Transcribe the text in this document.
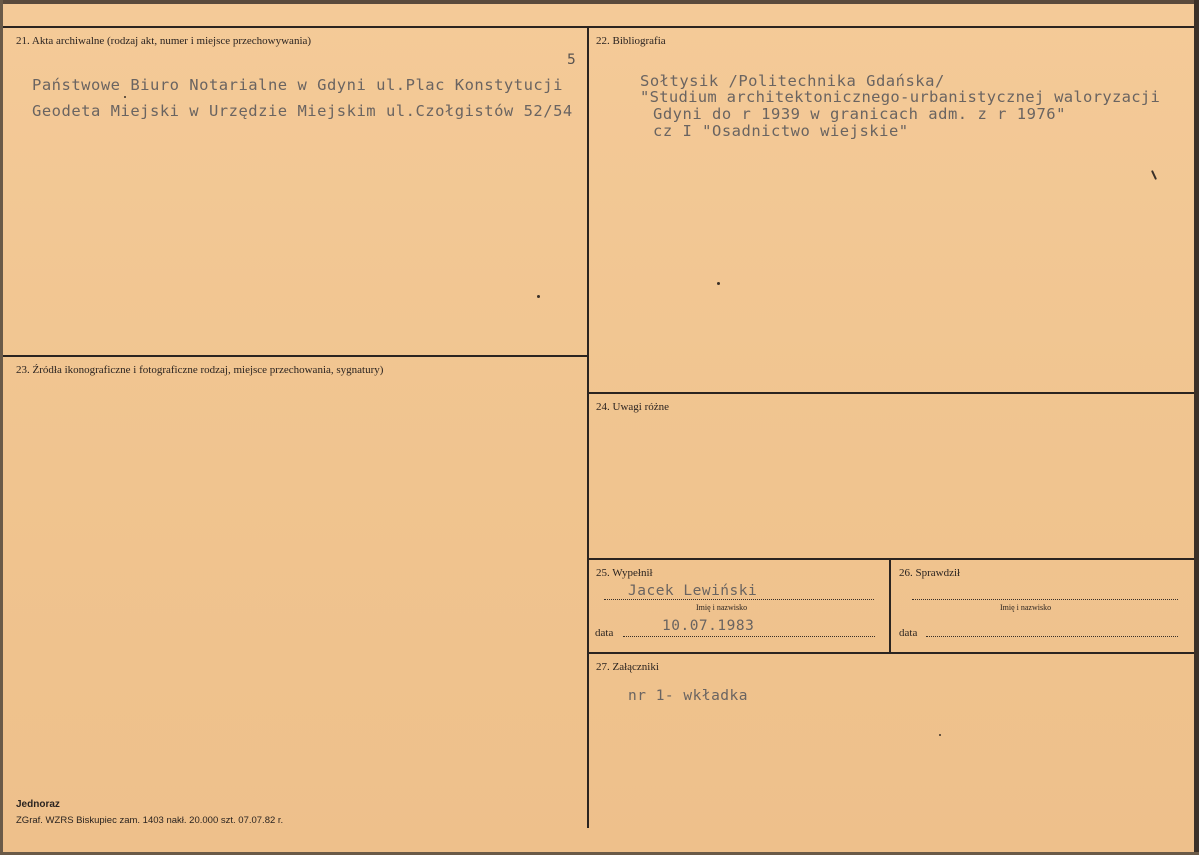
21. Akta archiwalne (rodzaj akt, numer i miejsce przechowywania)
5
Państwowe Biuro Notarialne w Gdyni ul.Plac Konstytucji
Geodeta Miejski w Urzędzie Miejskim ul.Czołgistów 52/54
22. Bibliografia
Sołtysik /Politechnika Gdańska/
"Studium architektonicznego-urbanistycznej waloryzacji
Gdyni do r 1939 w granicach adm. z r 1976"
cz I "Osadnictwo wiejskie"
23. Źródła ikonograficzne i fotograficzne rodzaj, miejsce przechowania, sygnatury)
24. Uwagi różne
25. Wypełnił
Jacek Lewiński
Imię i nazwisko
data	10.07.1983
26. Sprawdził
Imię i nazwisko
data
27. Załączniki
nr 1- wkładka
Jednoraz
ZGraf. WZRS Biskupiec zam. 1403 nakł. 20.000 szt. 07.07.82 r.
